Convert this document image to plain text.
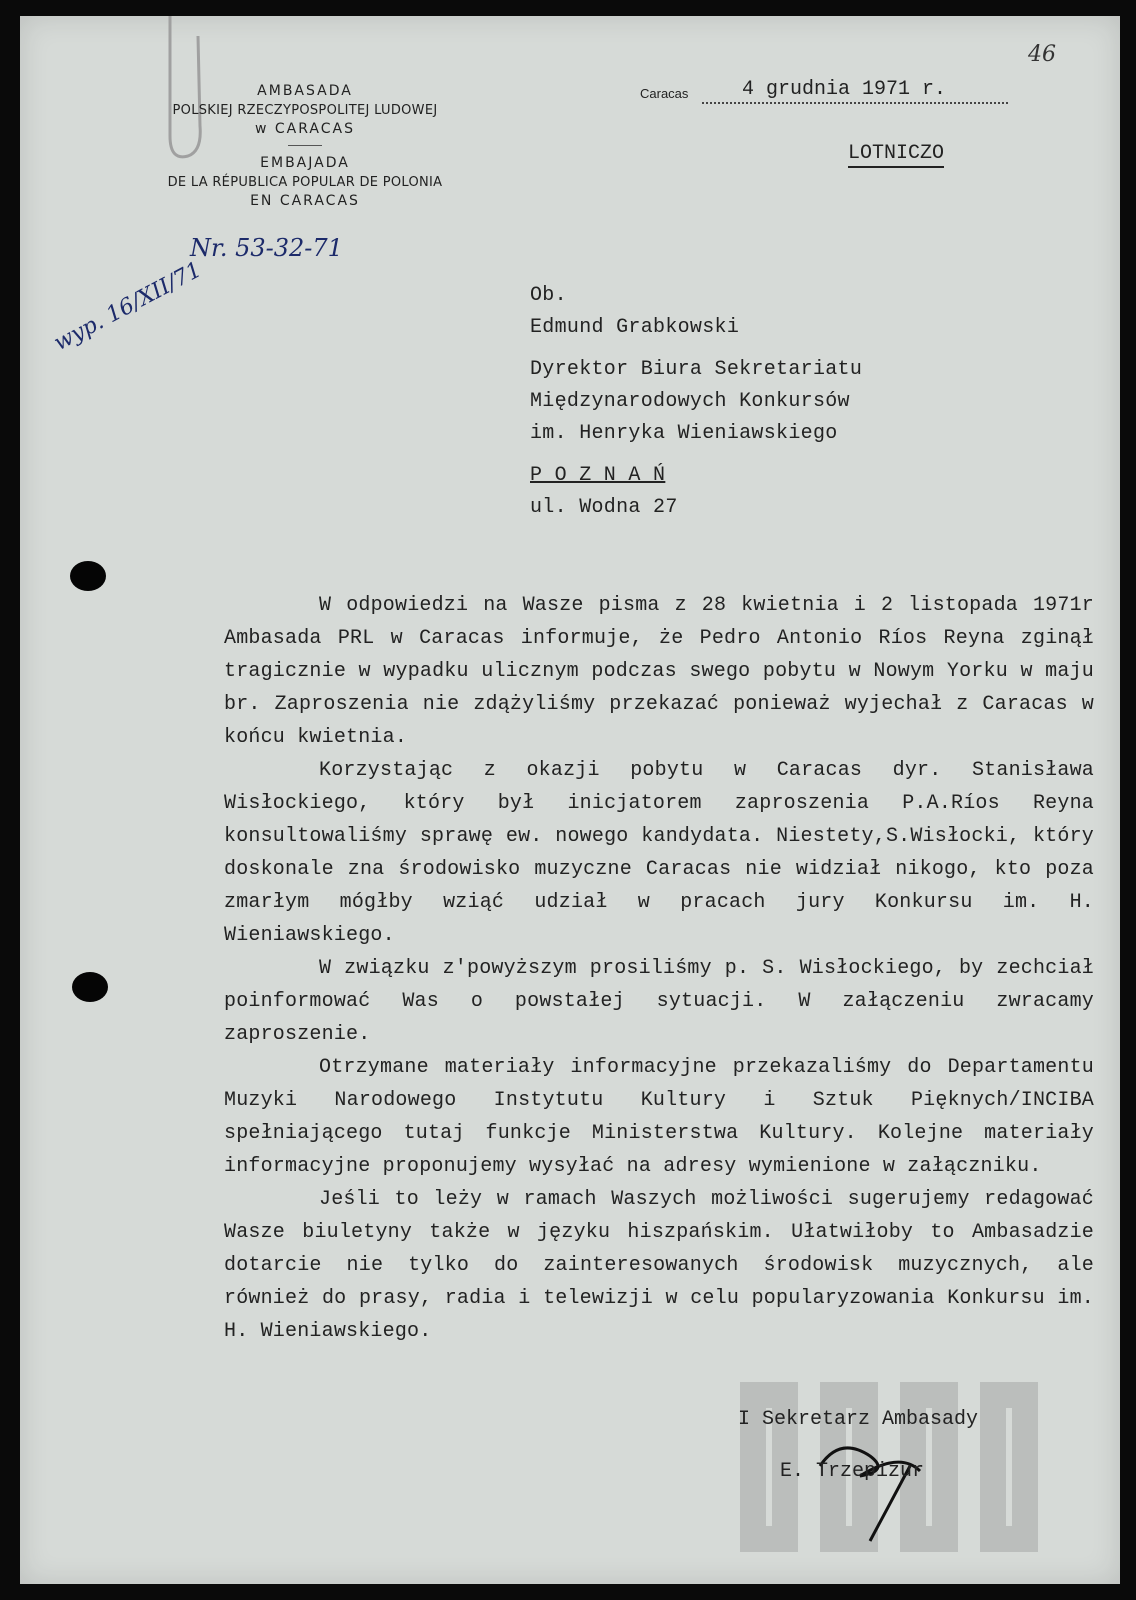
AMBASADA
POLSKIEJ RZECZYPOSPOLITEJ LUDOWEJ
w CARACAS
EMBAJADA
DE LA RÉPUBLICA POPULAR DE POLONIA
EN CARACAS
Nr. 53-32-71
wyp. 16/XII/71
46
Caracas	4 grudnia 1971 r.
LOTNICZO
Ob.
Edmund Grabkowski
Dyrektor Biura Sekretariatu
Międzynarodowych Konkursów
im. Henryka Wieniawskiego
P O Z N A Ń
ul. Wodna 27
W odpowiedzi na Wasze pisma z 28 kwietnia i 2 listopada 1971r Ambasada PRL w Caracas informuje, że Pedro Antonio Ríos Reyna zginął tragicznie w wypadku ulicznym podczas swego pobytu w Nowym Yorku w maju br. Zaproszenia nie zdążyliśmy przekazać ponieważ wyjechał z Caracas w końcu kwietnia.
Korzystając z okazji pobytu w Caracas dyr. Stanisława Wisłockiego, który był inicjatorem zaproszenia P.A.Ríos Reyna konsultowaliśmy sprawę ew. nowego kandydata. Niestety,S.Wisłocki, który doskonale zna środowisko muzyczne Caracas nie widział nikogo, kto poza zmarłym mógłby wziąć udział w pracach jury Konkursu im. H. Wieniawskiego.
W związku z'powyższym prosiliśmy p. S. Wisłockiego, by zechciał poinformować Was o powstałej sytuacji. W załączeniu zwracamy zaproszenie.
Otrzymane materiały informacyjne przekazaliśmy do Departamentu Muzyki Narodowego Instytutu Kultury i Sztuk Pięknych/INCIBA spełniającego tutaj funkcje Ministerstwa Kultury. Kolejne materiały informacyjne proponujemy wysyłać na adresy wymienione w załączniku.
Jeśli to leży w ramach Waszych możliwości sugerujemy redagować Wasze biuletyny także w języku hiszpańskim. Ułatwiłoby to Ambasadzie dotarcie nie tylko do zainteresowanych środowisk muzycznych, ale również do prasy, radia i telewizji w celu popularyzowania Konkursu im. H. Wieniawskiego.
I Sekretarz Ambasady
E. Trzepizur
